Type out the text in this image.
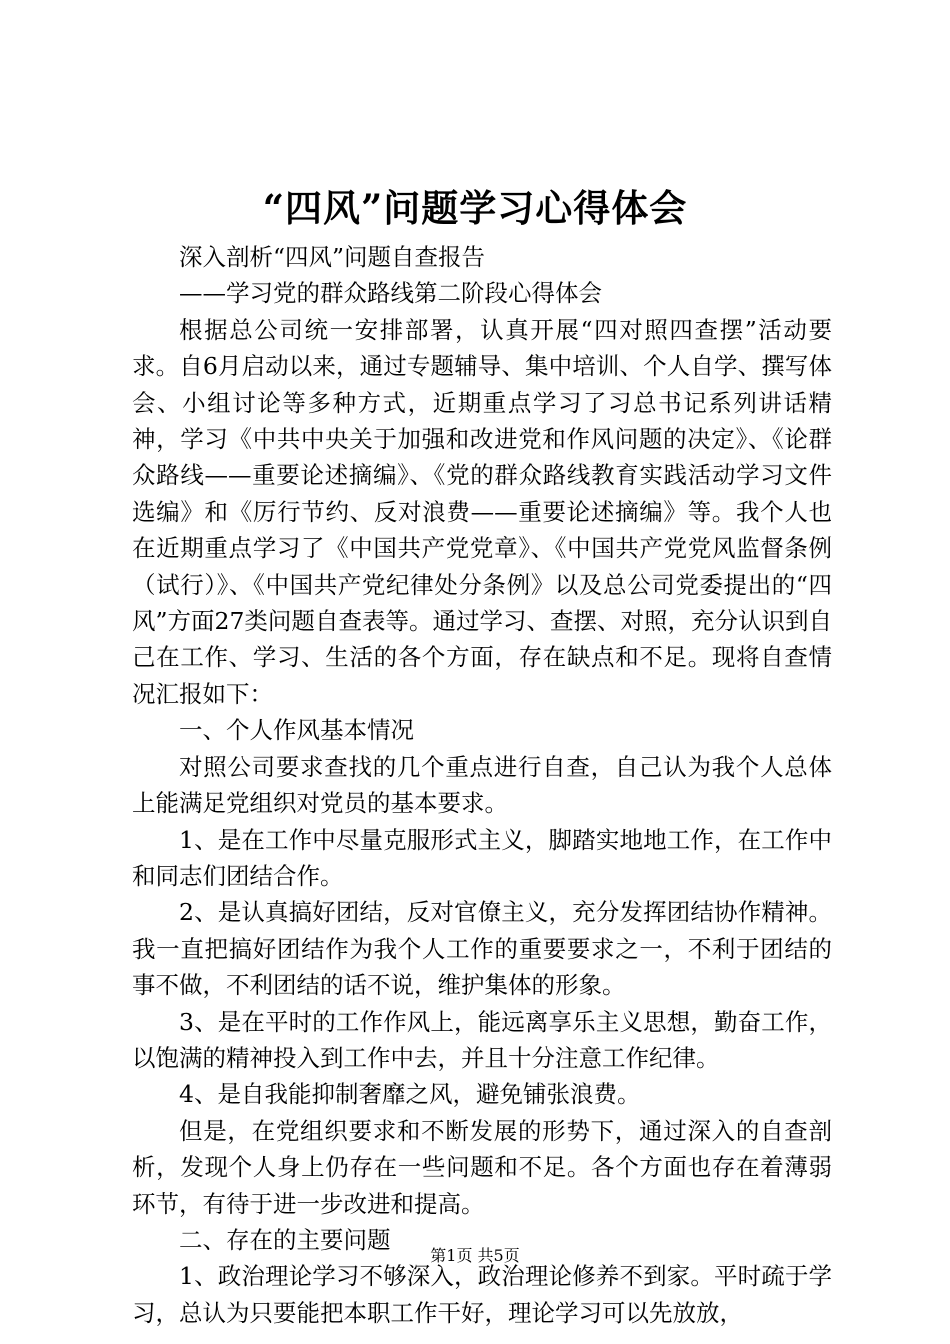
“四风”问题学习心得体会

深入剖析“四风”问题自查报告

——学习党的群众路线第二阶段心得体会

根据总公司统一安排部署，认真开展“四对照四查摆”活动要求。自6月启动以来，通过专题辅导、集中培训、个人自学、撰写体会、小组讨论等多种方式，近期重点学习了习总书记系列讲话精神，学习《中共中央关于加强和改进党和作风问题的决定》、《论群众路线——重要论述摘编》、《党的群众路线教育实践活动学习文件选编》和《厉行节约、反对浪费——重要论述摘编》等。我个人也在近期重点学习了《中国共产党党章》、《中国共产党党风监督条例（试行）》、《中国共产党纪律处分条例》以及总公司党委提出的“四风”方面27类问题自查表等。通过学习、查摆、对照，充分认识到自己在工作、学习、生活的各个方面，存在缺点和不足。现将自查情况汇报如下：

一、个人作风基本情况

对照公司要求查找的几个重点进行自查，自己认为我个人总体上能满足党组织对党员的基本要求。

1、是在工作中尽量克服形式主义，脚踏实地地工作，在工作中和同志们团结合作。

2、是认真搞好团结，反对官僚主义，充分发挥团结协作精神。我一直把搞好团结作为我个人工作的重要要求之一，不利于团结的事不做，不利团结的话不说，维护集体的形象。

3、是在平时的工作作风上，能远离享乐主义思想，勤奋工作，以饱满的精神投入到工作中去，并且十分注意工作纪律。

4、是自我能抑制奢靡之风，避免铺张浪费。

但是，在党组织要求和不断发展的形势下，通过深入的自查剖析，发现个人身上仍存在一些问题和不足。各个方面也存在着薄弱环节，有待于进一步改进和提高。

二、存在的主要问题

1、政治理论学习不够深入，政治理论修养不到家。平时疏于学习，总认为只要能把本职工作干好，理论学习可以先放放，

第1页 共5页
